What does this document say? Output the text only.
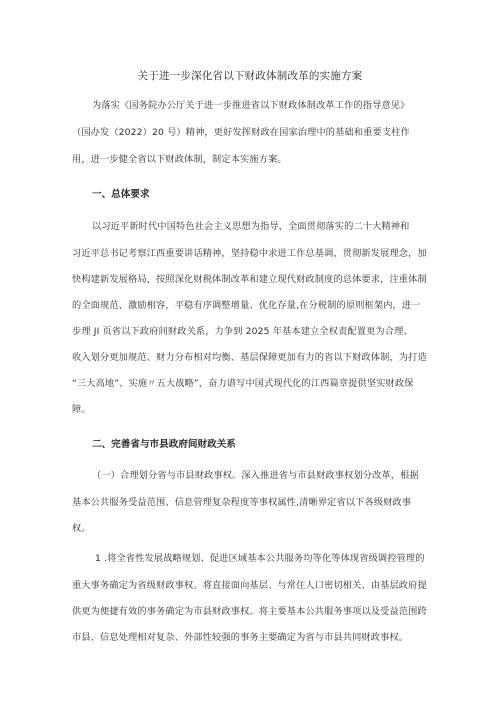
关于进一步深化省以下财政体制改革的实施方案
为落实《国务院办公厅关于进一步推进省以下财政体制改革工作的指导意见》
（国办发（2022）20 号）精神，更好发挥财政在国家治理中的基础和重要支柱作
用，进一步健全省以下财政体制，制定本实施方案。
一、总体要求
以习近平新时代中国特色社会主义思想为指导，全面贯彻落实的二十大精神和
习近平总书记考察江西重要讲话精神，坚持稳中求进工作总基调，贯彻新发展理念，加
快构建新发展格局，按照深化财税体制改革和建立现代财政制度的总体要求，注重体制
的全面规范、激励相容，平稳有序调整增量、优化存量,在分税制的原则框架内，进一
步理 JI 页省以下政府间财政关系，力争到 2025 年基本建立全权责配置更为合理、
收入划分更加规范、财力分布相对均衡、基层保障更加有力的省以下财政体制，为打造
“三大高地”、实施〃五大战略”，奋力谱写中国式现代化的江西篇章提供坚实财政保
障。
二、完善省与市县政府间财政关系
（一）合理划分省与市县财政事权。深入推进省与市县财政事权划分改革，根据
基本公共服务受益范围、信息管理复杂程度等事权属性,清晰界定省以下各级财政事
权。
1 .将全省性发展战略规划、促进区域基本公共服务均等化等体现省级调控管理的
重大事务确定为省级财政事权。将直接面向基层、与常住人口密切相关、由基层政府提
供更为便捷有效的事务确定为市县财政事权。将主要基本公共服务事项以及受益范围跨
市县、信息处理相对复杂、外部性较强的事务主要确定为省与市县共同财政事权。
